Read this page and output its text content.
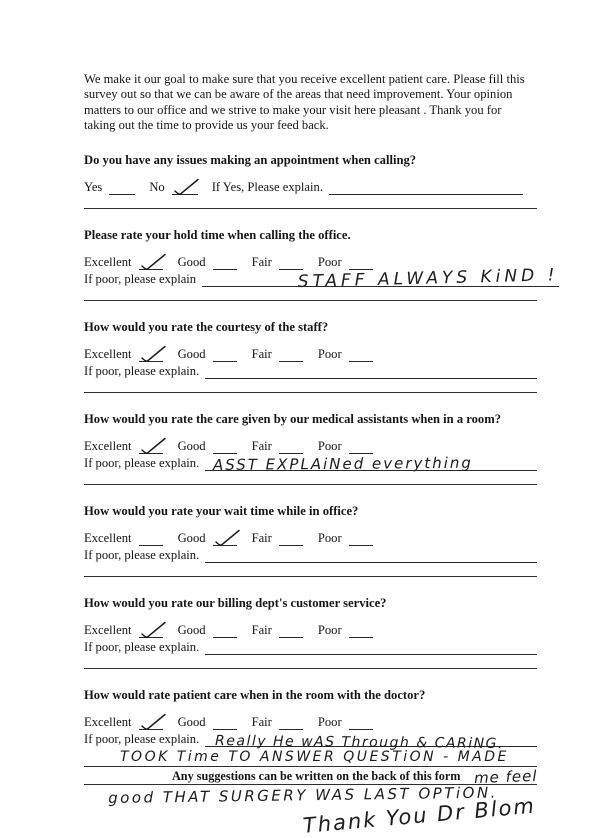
We make it our goal to make sure that you receive excellent patient care. Please fill this survey out so that we can be aware of the areas that need improvement. Your opinion matters to our office and we strive to make your visit here pleasant . Thank you for taking out the time to provide us your feed back.

Do you have any issues making an appointment when calling?
Yes	No	If Yes, Please explain.
Please rate your hold time when calling the office.
Excellent	Good	Fair	Poor
If poor, please explain	STAFF ALWAYS KiND !
How would you rate the courtesy of the staff?
Excellent	Good	Fair	Poor
If poor, please explain.
How would you rate the care given by our medical assistants when in a room?
Excellent	Good	Fair	Poor
If poor, please explain. ASST EXPLAiNed everything
How would you rate your wait time while in office?
Excellent	Good	Fair	Poor
If poor, please explain.
How would you rate our billing dept's customer service?
Excellent	Good	Fair	Poor
If poor, please explain.
How would rate patient care when in the room with the doctor?
Excellent	Good	Fair	Poor
If poor, please explain.	Really He wAS Through & CARiNG.
TOOK Time TO ANSWER QUESTiON - MADE
Any suggestions can be written on the back of this form me feel
good THAT SURGERY WAS LAST OPTiON. Thank You Dr Blom
